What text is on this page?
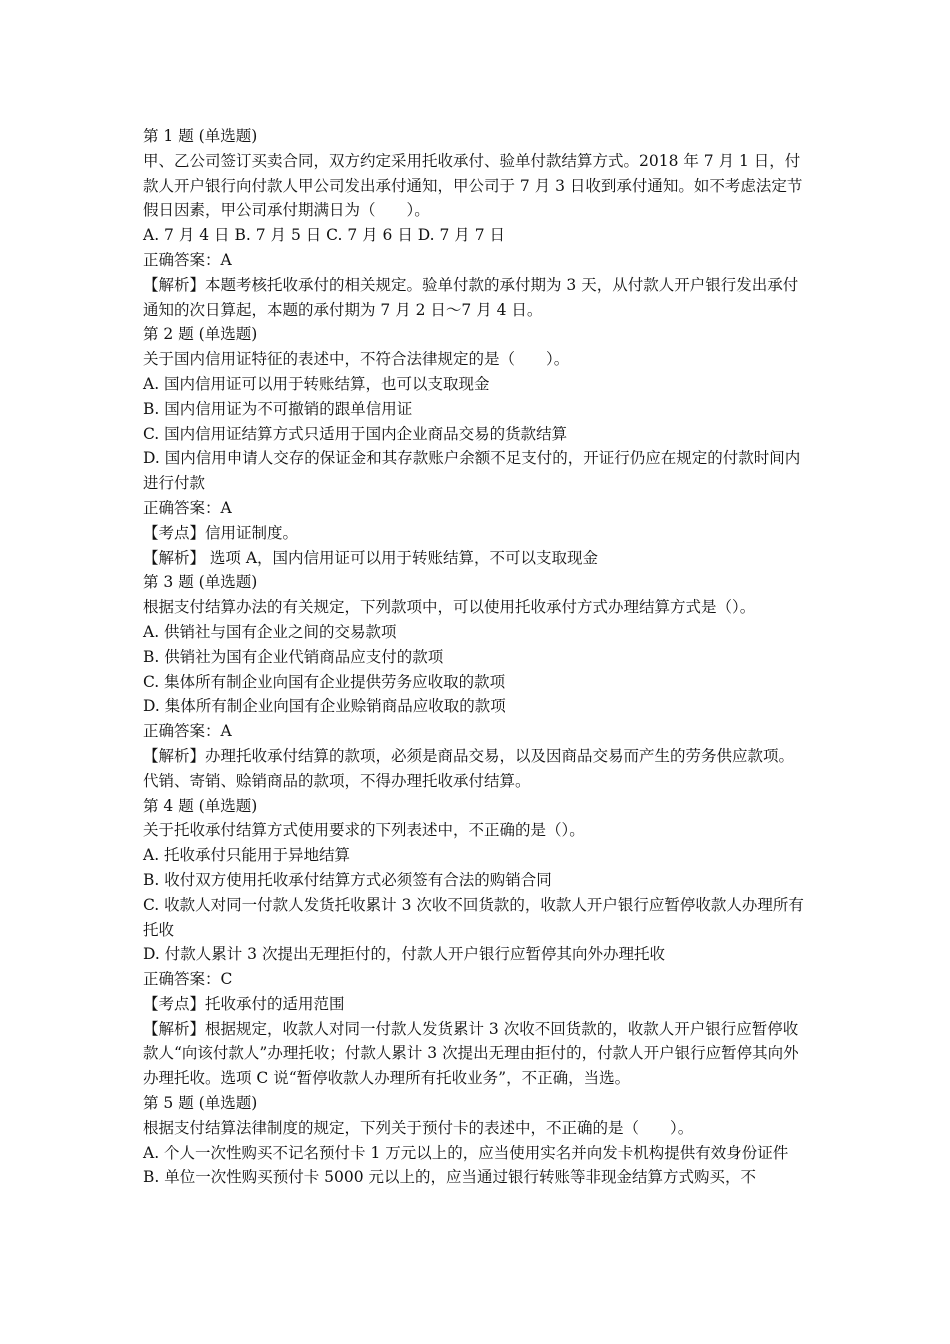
第 1 题 (单选题)
甲、乙公司签订买卖合同，双方约定采用托收承付、验单付款结算方式。2018 年 7 月 1 日，付款人开户银行向付款人甲公司发出承付通知，甲公司于 7 月 3 日收到承付通知。如不考虑法定节假日因素，甲公司承付期满日为（　　）。
A. 7 月 4 日 B. 7 月 5 日 C. 7 月 6 日 D. 7 月 7 日
正确答案：A
【解析】本题考核托收承付的相关规定。验单付款的承付期为 3 天，从付款人开户银行发出承付通知的次日算起，本题的承付期为 7 月 2 日～7 月 4 日。
第 2 题 (单选题)
关于国内信用证特征的表述中，不符合法律规定的是（　　）。
A. 国内信用证可以用于转账结算，也可以支取现金
B. 国内信用证为不可撤销的跟单信用证
C. 国内信用证结算方式只适用于国内企业商品交易的货款结算
D. 国内信用申请人交存的保证金和其存款账户余额不足支付的，开证行仍应在规定的付款时间内进行付款
正确答案：A
【考点】信用证制度。
【解析】 选项 A，国内信用证可以用于转账结算，不可以支取现金
第 3 题 (单选题)
根据支付结算办法的有关规定，下列款项中，可以使用托收承付方式办理结算方式是（）。
A. 供销社与国有企业之间的交易款项
B. 供销社为国有企业代销商品应支付的款项
C. 集体所有制企业向国有企业提供劳务应收取的款项
D. 集体所有制企业向国有企业赊销商品应收取的款项
正确答案：A
【解析】办理托收承付结算的款项，必须是商品交易，以及因商品交易而产生的劳务供应款项。代销、寄销、赊销商品的款项，不得办理托收承付结算。
第 4 题 (单选题)
关于托收承付结算方式使用要求的下列表述中，不正确的是（）。
A. 托收承付只能用于异地结算
B. 收付双方使用托收承付结算方式必须签有合法的购销合同
C. 收款人对同一付款人发货托收累计 3 次收不回货款的，收款人开户银行应暂停收款人办理所有托收
D. 付款人累计 3 次提出无理拒付的，付款人开户银行应暂停其向外办理托收
正确答案：C
【考点】托收承付的适用范围
【解析】根据规定，收款人对同一付款人发货累计 3 次收不回货款的，收款人开户银行应暂停收款人“向该付款人”办理托收；付款人累计 3 次提出无理由拒付的，付款人开户银行应暂停其向外办理托收。选项 C 说“暂停收款人办理所有托收业务”，不正确，当选。
第 5 题 (单选题)
根据支付结算法律制度的规定，下列关于预付卡的表述中，不正确的是（　　）。
A. 个人一次性购买不记名预付卡 1 万元以上的，应当使用实名并向发卡机构提供有效身份证件
B. 单位一次性购买预付卡 5000 元以上的，应当通过银行转账等非现金结算方式购买，不
